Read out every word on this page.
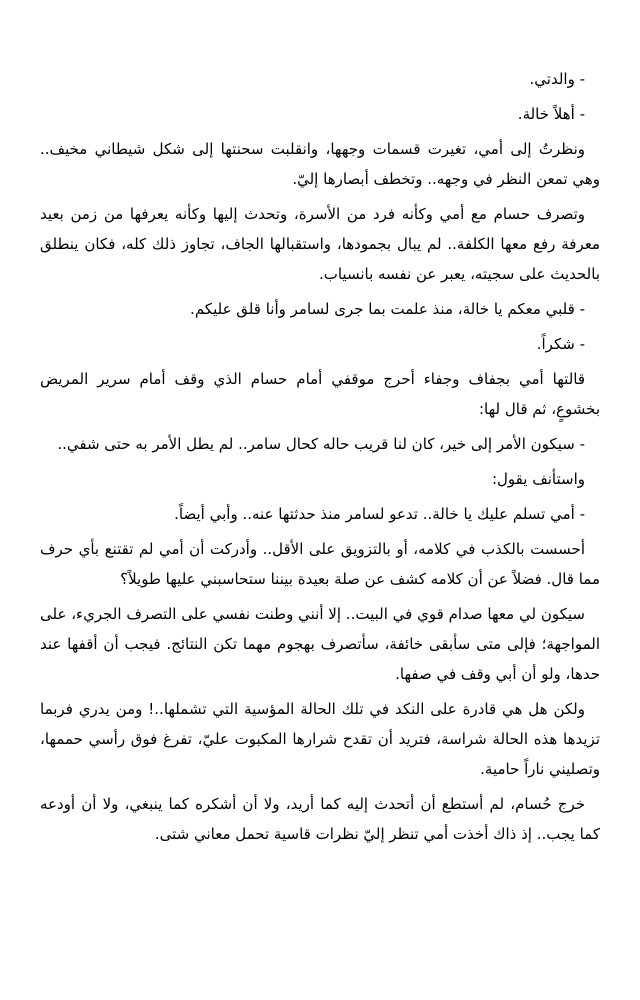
- والدتي.

- أهلاً خالة.

ونظرتُ إلى أمي، تغيرت قسمات وجهها، وانقلبت سحنتها إلى شكل شيطاني مخيف.. وهي تمعن النظر في وجهه.. وتخطف أبصارها إليّ.

وتصرف حسام مع أمي وكأنه فرد من الأسرة، وتحدث إليها وكأنه يعرفها من زمن بعيد معرفة رفع معها الكلفة.. لم يبال بجمودها، واستقبالها الجاف، تجاوز ذلك كله، فكان ينطلق بالحديث على سجيته، يعبر عن نفسه بانسياب.

- قلبي معكم يا خالة، منذ علمت بما جرى لسامر وأنا قلق عليكم.

- شكراً.

قالتها أمي بجفاف وجفاء أحرج موقفي أمام حسام الذي وقف أمام سرير المريض بخشوعٍ، ثم قال لها:

- سيكون الأمر إلى خير، كان لنا قريب حاله كحال سامر.. لم يطل الأمر به حتى شفي..

واستأنف يقول:

- أمي تسلم عليك يا خالة.. تدعو لسامر منذ حدثتها عنه.. وأبي أيضاً.

أحسست بالكذب في كلامه، أو بالتزويق على الأقل.. وأدركت أن أمي لم تقتنع بأي حرف مما قال. فضلاً عن أن كلامه كشف عن صلة بعيدة بيننا ستحاسبني عليها طويلاً؟

سيكون لي معها صدام قوي في البيت.. إلا أنني وطنت نفسي على التصرف الجريء، على المواجهة؛ فإلى متى سأبقى خائفة، سأتصرف بهجوم مهما تكن النتائج. فيجب أن أقفها عند حدها، ولو أن أبي وقف في صفها.

ولكن هل هي قادرة على النكد في تلك الحالة المؤسية التي تشملها..! ومن يدري فربما تزيدها هذه الحالة شراسة، فتريد أن تقدح شرارها المكبوت عليّ، تفرغ فوق رأسي حممها، وتصليني ناراً حامية.

خرج حُسام، لم أستطع أن أتحدث إليه كما أريد، ولا أن أشكره كما ينبغي، ولا أن أودعه كما يجب.. إذ ذاك أخذت أمي تنظر إليّ نظرات قاسية تحمل معاني شتى.
